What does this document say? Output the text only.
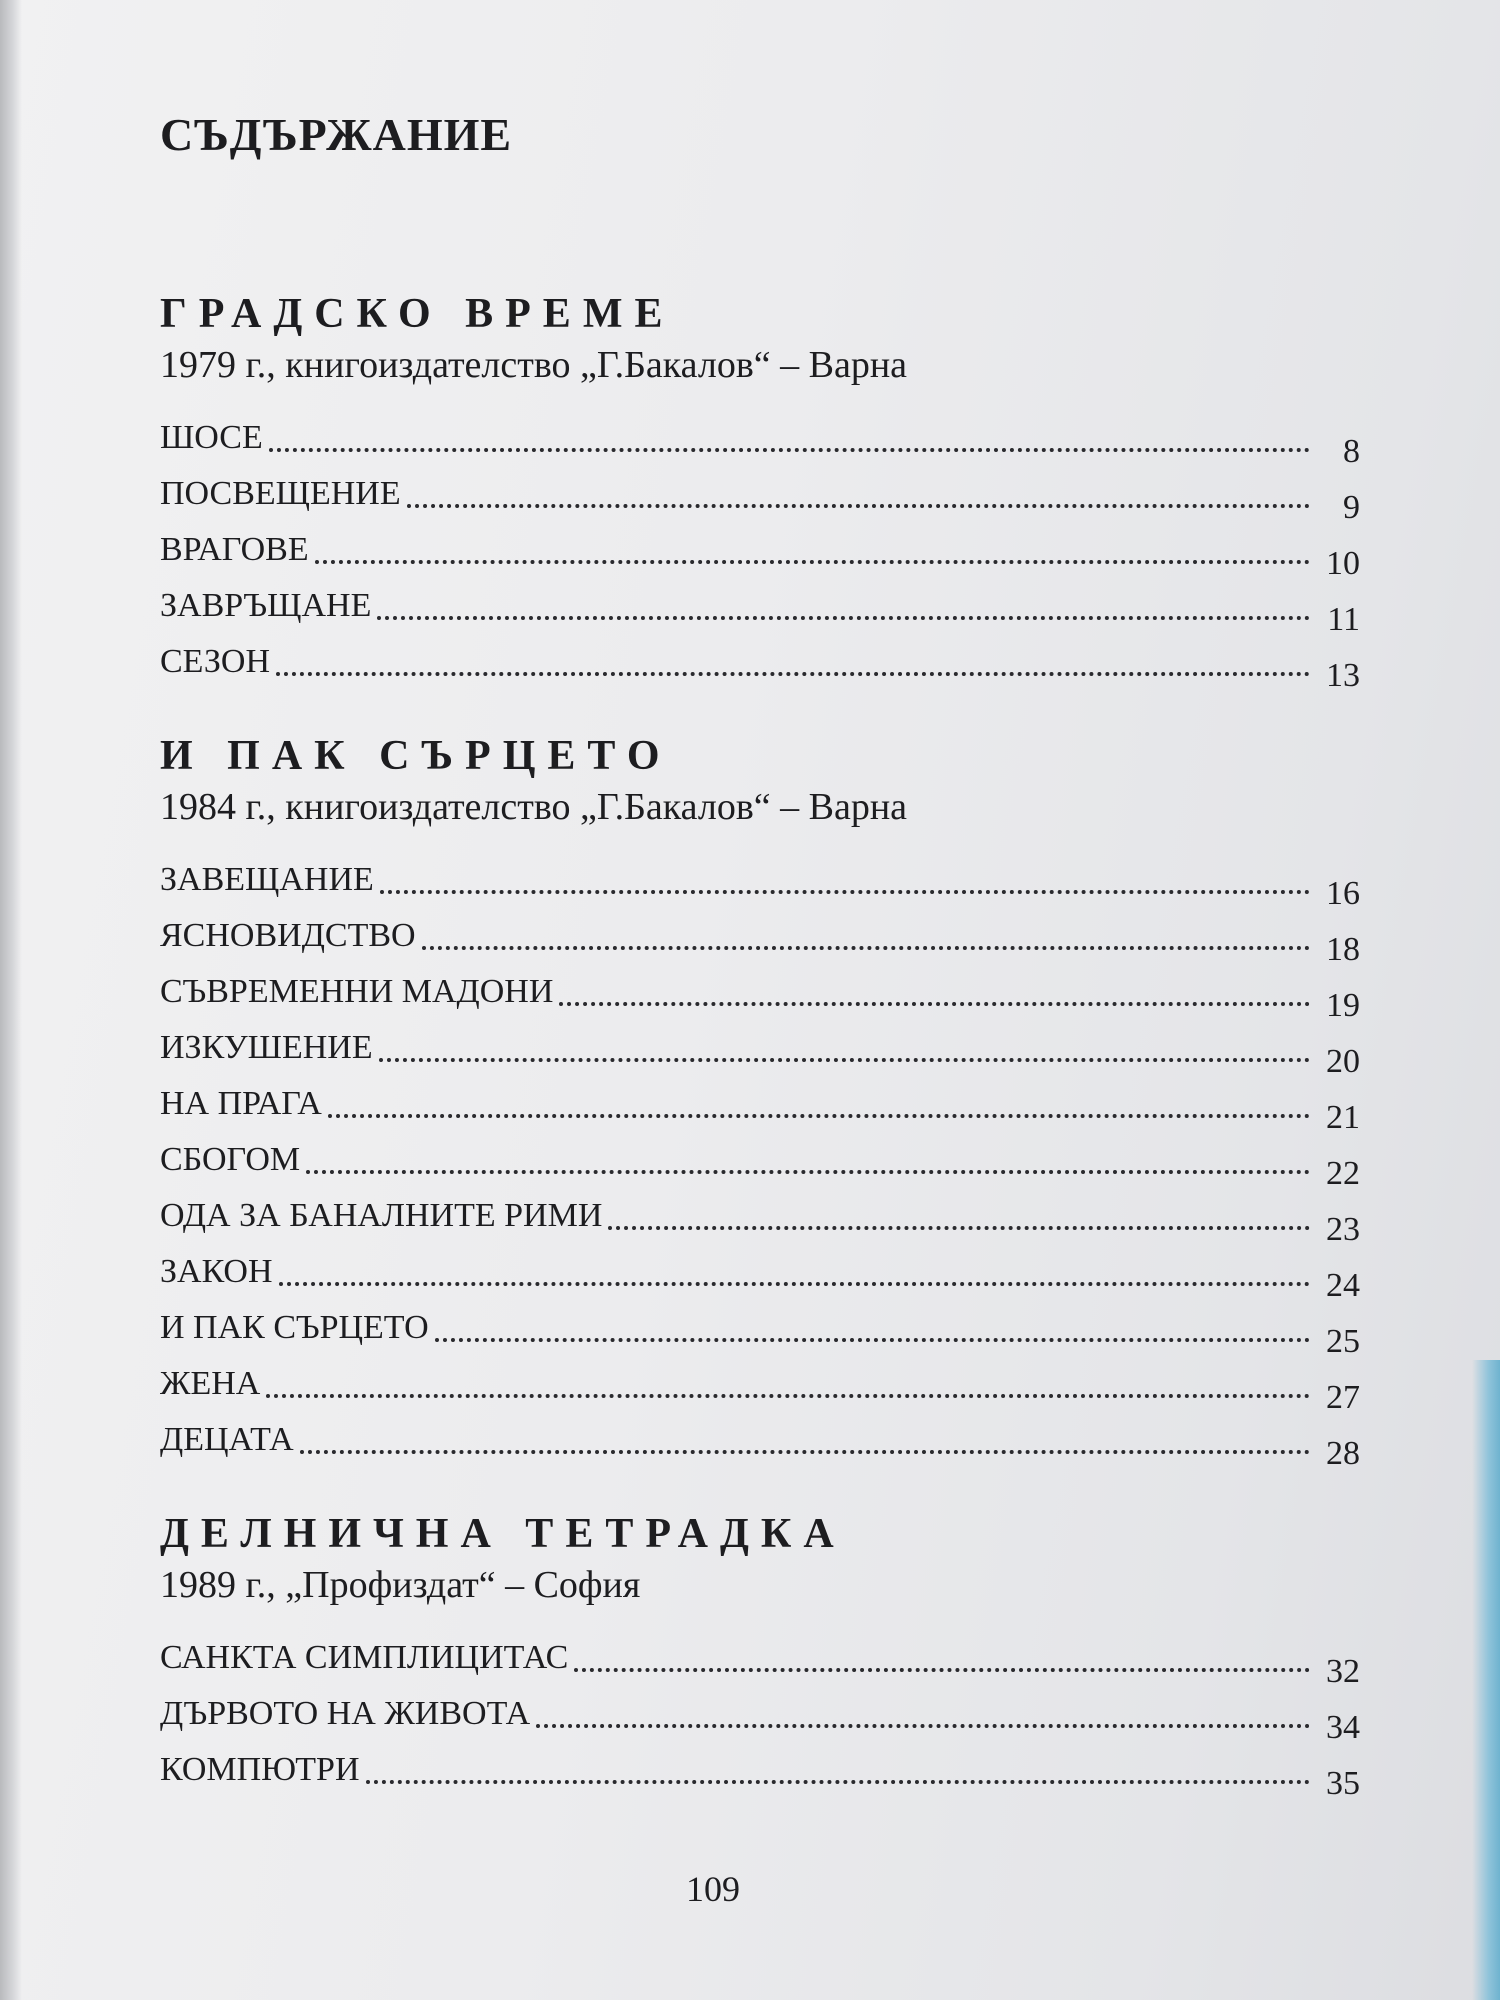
СЪДЪРЖАНИЕ
ГРАДСКО ВРЕМЕ

1979 г., книгоиздателство „Г.Бакалов“ – Варна

ШОСЕ	8
ПОСВЕЩЕНИЕ	9
ВРАГОВЕ	10
ЗАВРЪЩАНЕ	11
СЕЗОН	13
И ПАК СЪРЦЕТО

1984 г., книгоиздателство „Г.Бакалов“ – Варна

ЗАВЕЩАНИЕ	16
ЯСНОВИДСТВО	18
СЪВРЕМЕННИ МАДОНИ	19
ИЗКУШЕНИЕ	20
НА ПРАГА	21
СБОГОМ	22
ОДА ЗА БАНАЛНИТЕ РИМИ	23
ЗАКОН	24
И ПАК СЪРЦЕТО	25
ЖЕНА	27
ДЕЦАТА	28
ДЕЛНИЧНА ТЕТРАДКА

1989 г., „Профиздат“ – София

САНКТА СИМПЛИЦИТАС	32
ДЪРВОТО НА ЖИВОТА	34
КОМПЮТРИ	35
109
